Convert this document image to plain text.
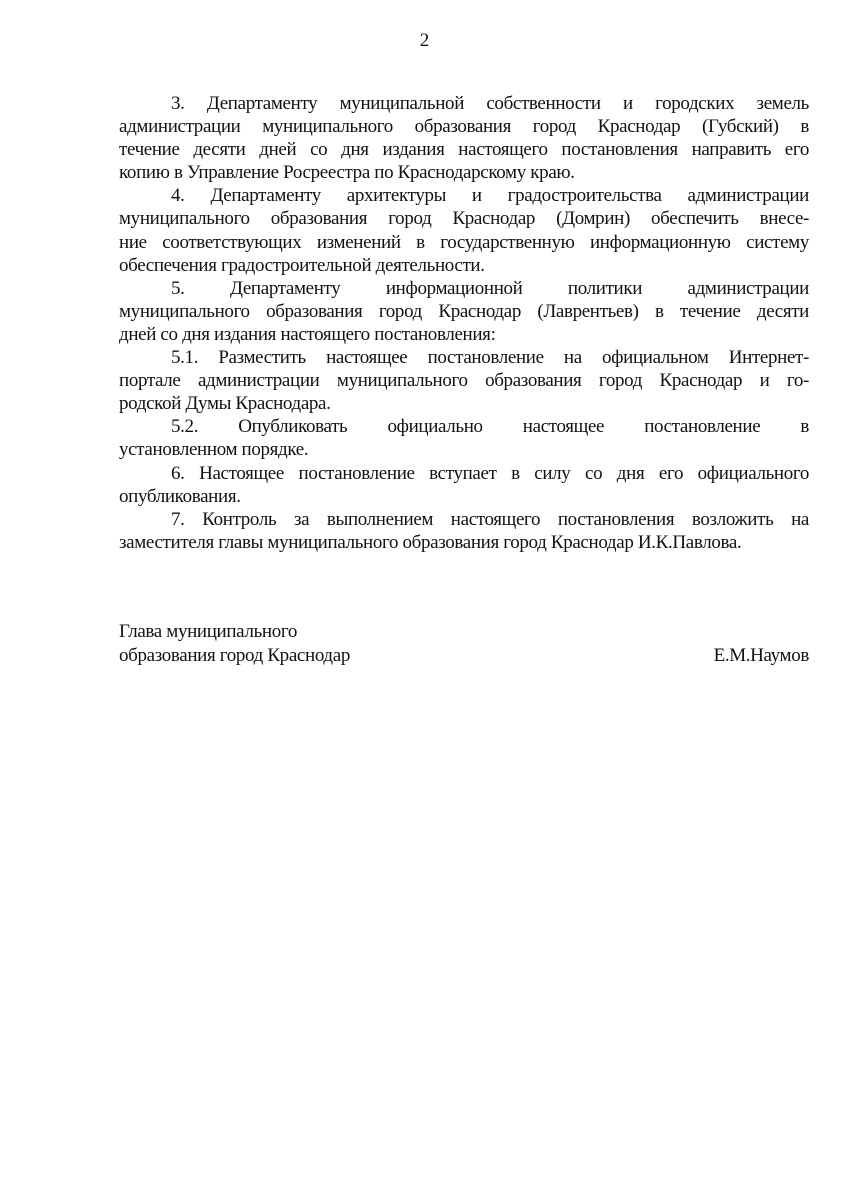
2
3. Департаменту муниципальной собственности и городских земель
администрации муниципального образования город Краснодар (Губский) в
течение десяти дней со дня издания настоящего постановления направить его
копию в Управление Росреестра по Краснодарскому краю.
4. Департаменту архитектуры и градостроительства администрации
муниципального образования город Краснодар (Домрин) обеспечить внесе-
ние соответствующих изменений в государственную информационную систему
обеспечения градостроительной деятельности.
5. Департаменту информационной политики администрации
муниципального образования город Краснодар (Лаврентьев) в течение десяти
дней со дня издания настоящего постановления:
5.1. Разместить настоящее постановление на официальном Интернет-
портале администрации муниципального образования город Краснодар и го-
родской Думы Краснодара.
5.2. Опубликовать официально настоящее постановление в
установленном порядке.
6. Настоящее постановление вступает в силу со дня его официального
опубликования.
7. Контроль за выполнением настоящего постановления возложить на
заместителя главы муниципального образования город Краснодар И.К.Павлова.
Глава муниципального
образования город Краснодар	Е.М.Наумов
